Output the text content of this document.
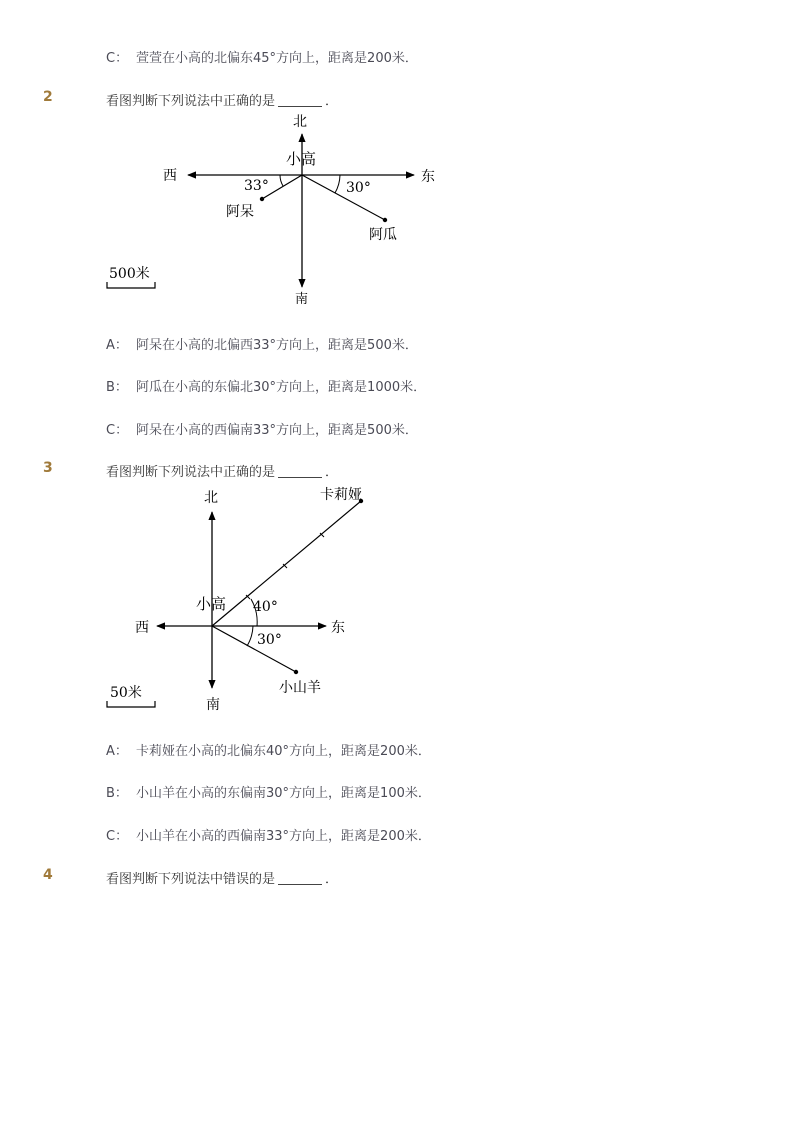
C： 萱萱在小高的北偏东45°方向上，距离是200米．
2	看图判断下列说法中正确的是	．
北
南
东
西
小高
33°	30°
阿呆
阿瓜
500米
A： 阿呆在小高的北偏西33°方向上，距离是500米．
B： 阿瓜在小高的东偏北30°方向上，距离是1000米．
C： 阿呆在小高的西偏南33°方向上，距离是500米．
3	看图判断下列说法中正确的是	．
北
南
东
西
小高 40°
30°
卡莉娅
小山羊
50米
A： 卡莉娅在小高的北偏东40°方向上，距离是200米．
B： 小山羊在小高的东偏南30°方向上，距离是100米．
C： 小山羊在小高的西偏南33°方向上，距离是200米．
4	看图判断下列说法中错误的是	．
